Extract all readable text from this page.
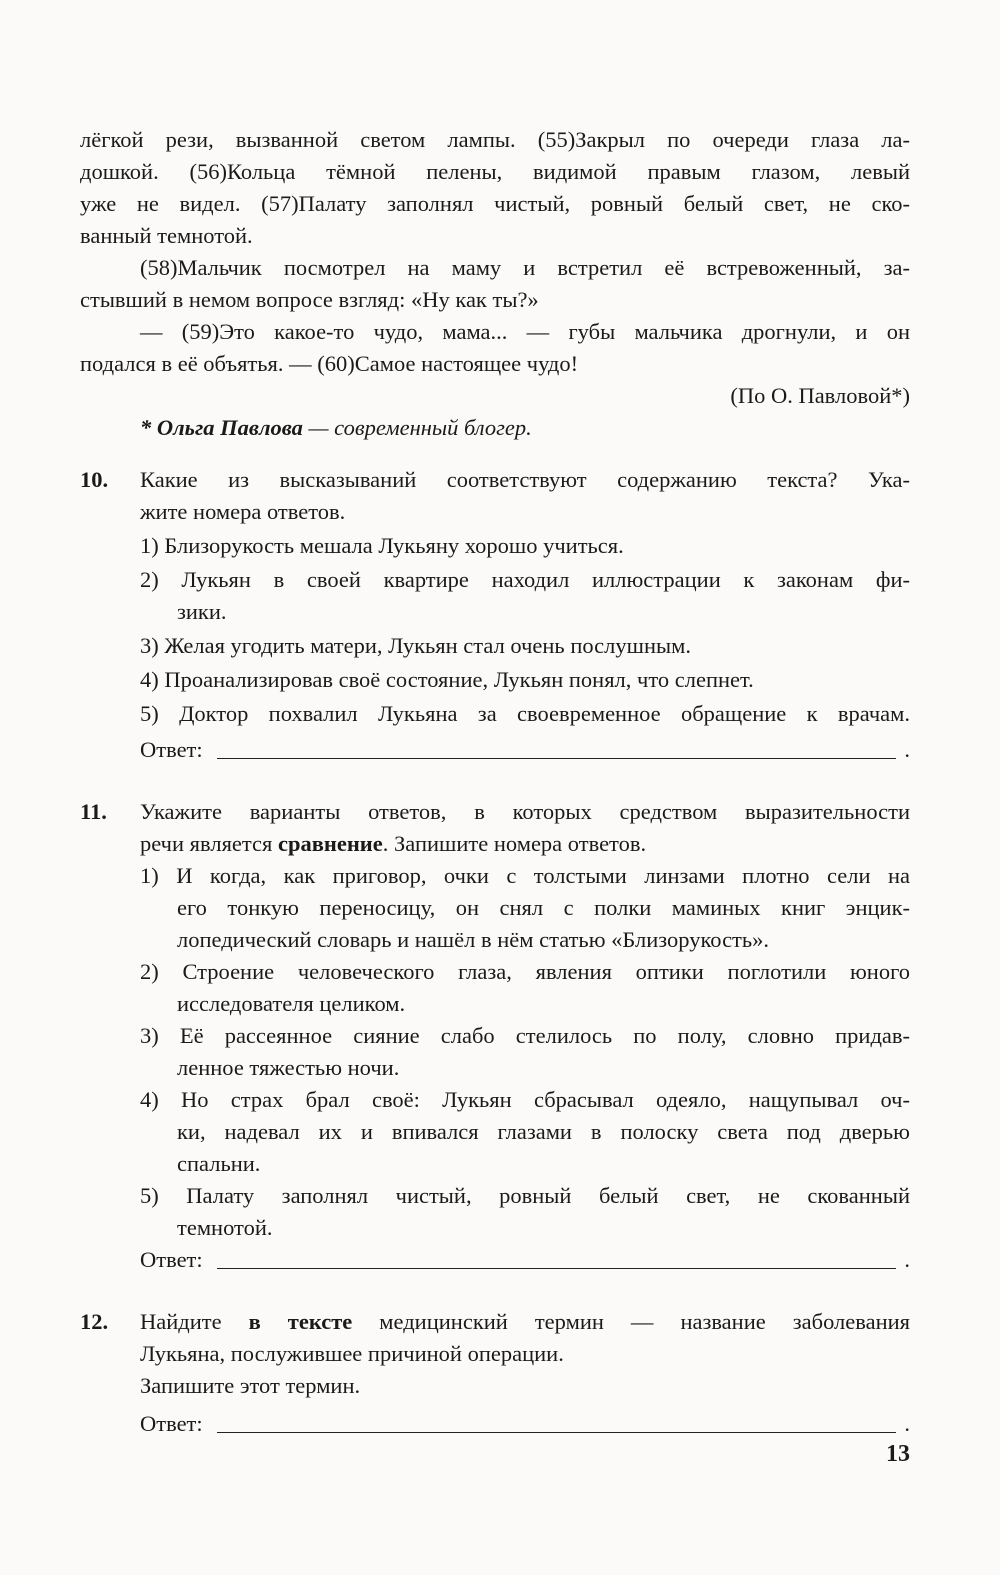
лёгкой рези, вызванной светом лампы. (55)Закрыл по очереди глаза ла-
дошкой. (56)Кольца тёмной пелены, видимой правым глазом, левый
уже не видел. (57)Палату заполнял чистый, ровный белый свет, не ско-
ванный темнотой.
(58)Мальчик посмотрел на маму и встретил её встревоженный, за-
стывший в немом вопросе взгляд: «Ну как ты?»
— (59)Это какое-то чудо, мама... — губы мальчика дрогнули, и он
подался в её объятья. — (60)Самое настоящее чудо!
(По О. Павловой*)
* Ольга Павлова — современный блогер.
10. Какие из высказываний соответствуют содержанию текста? Ука-
жите номера ответов.
1) Близорукость мешала Лукьяну хорошо учиться.
2) Лукьян в своей квартире находил иллюстрации к законам фи-
зики.
3) Желая угодить матери, Лукьян стал очень послушным.
4) Проанализировав своё состояние, Лукьян понял, что слепнет.
5) Доктор похвалил Лукьяна за своевременное обращение к врачам.
Ответ:	.
11. Укажите варианты ответов, в которых средством выразительности
речи является сравнение. Запишите номера ответов.
1) И когда, как приговор, очки с толстыми линзами плотно сели на
его тонкую переносицу, он снял с полки маминых книг энцик-
лопедический словарь и нашёл в нём статью «Близорукость».
2) Строение человеческого глаза, явления оптики поглотили юного
исследователя целиком.
3) Её рассеянное сияние слабо стелилось по полу, словно придав-
ленное тяжестью ночи.
4) Но страх брал своё: Лукьян сбрасывал одеяло, нащупывал оч-
ки, надевал их и впивался глазами в полоску света под дверью
спальни.
5) Палату заполнял чистый, ровный белый свет, не скованный
темнотой.
Ответ:	.
12. Найдите в тексте медицинский термин — название заболевания
Лукьяна, послужившее причиной операции.
Запишите этот термин.
Ответ:	.
13
